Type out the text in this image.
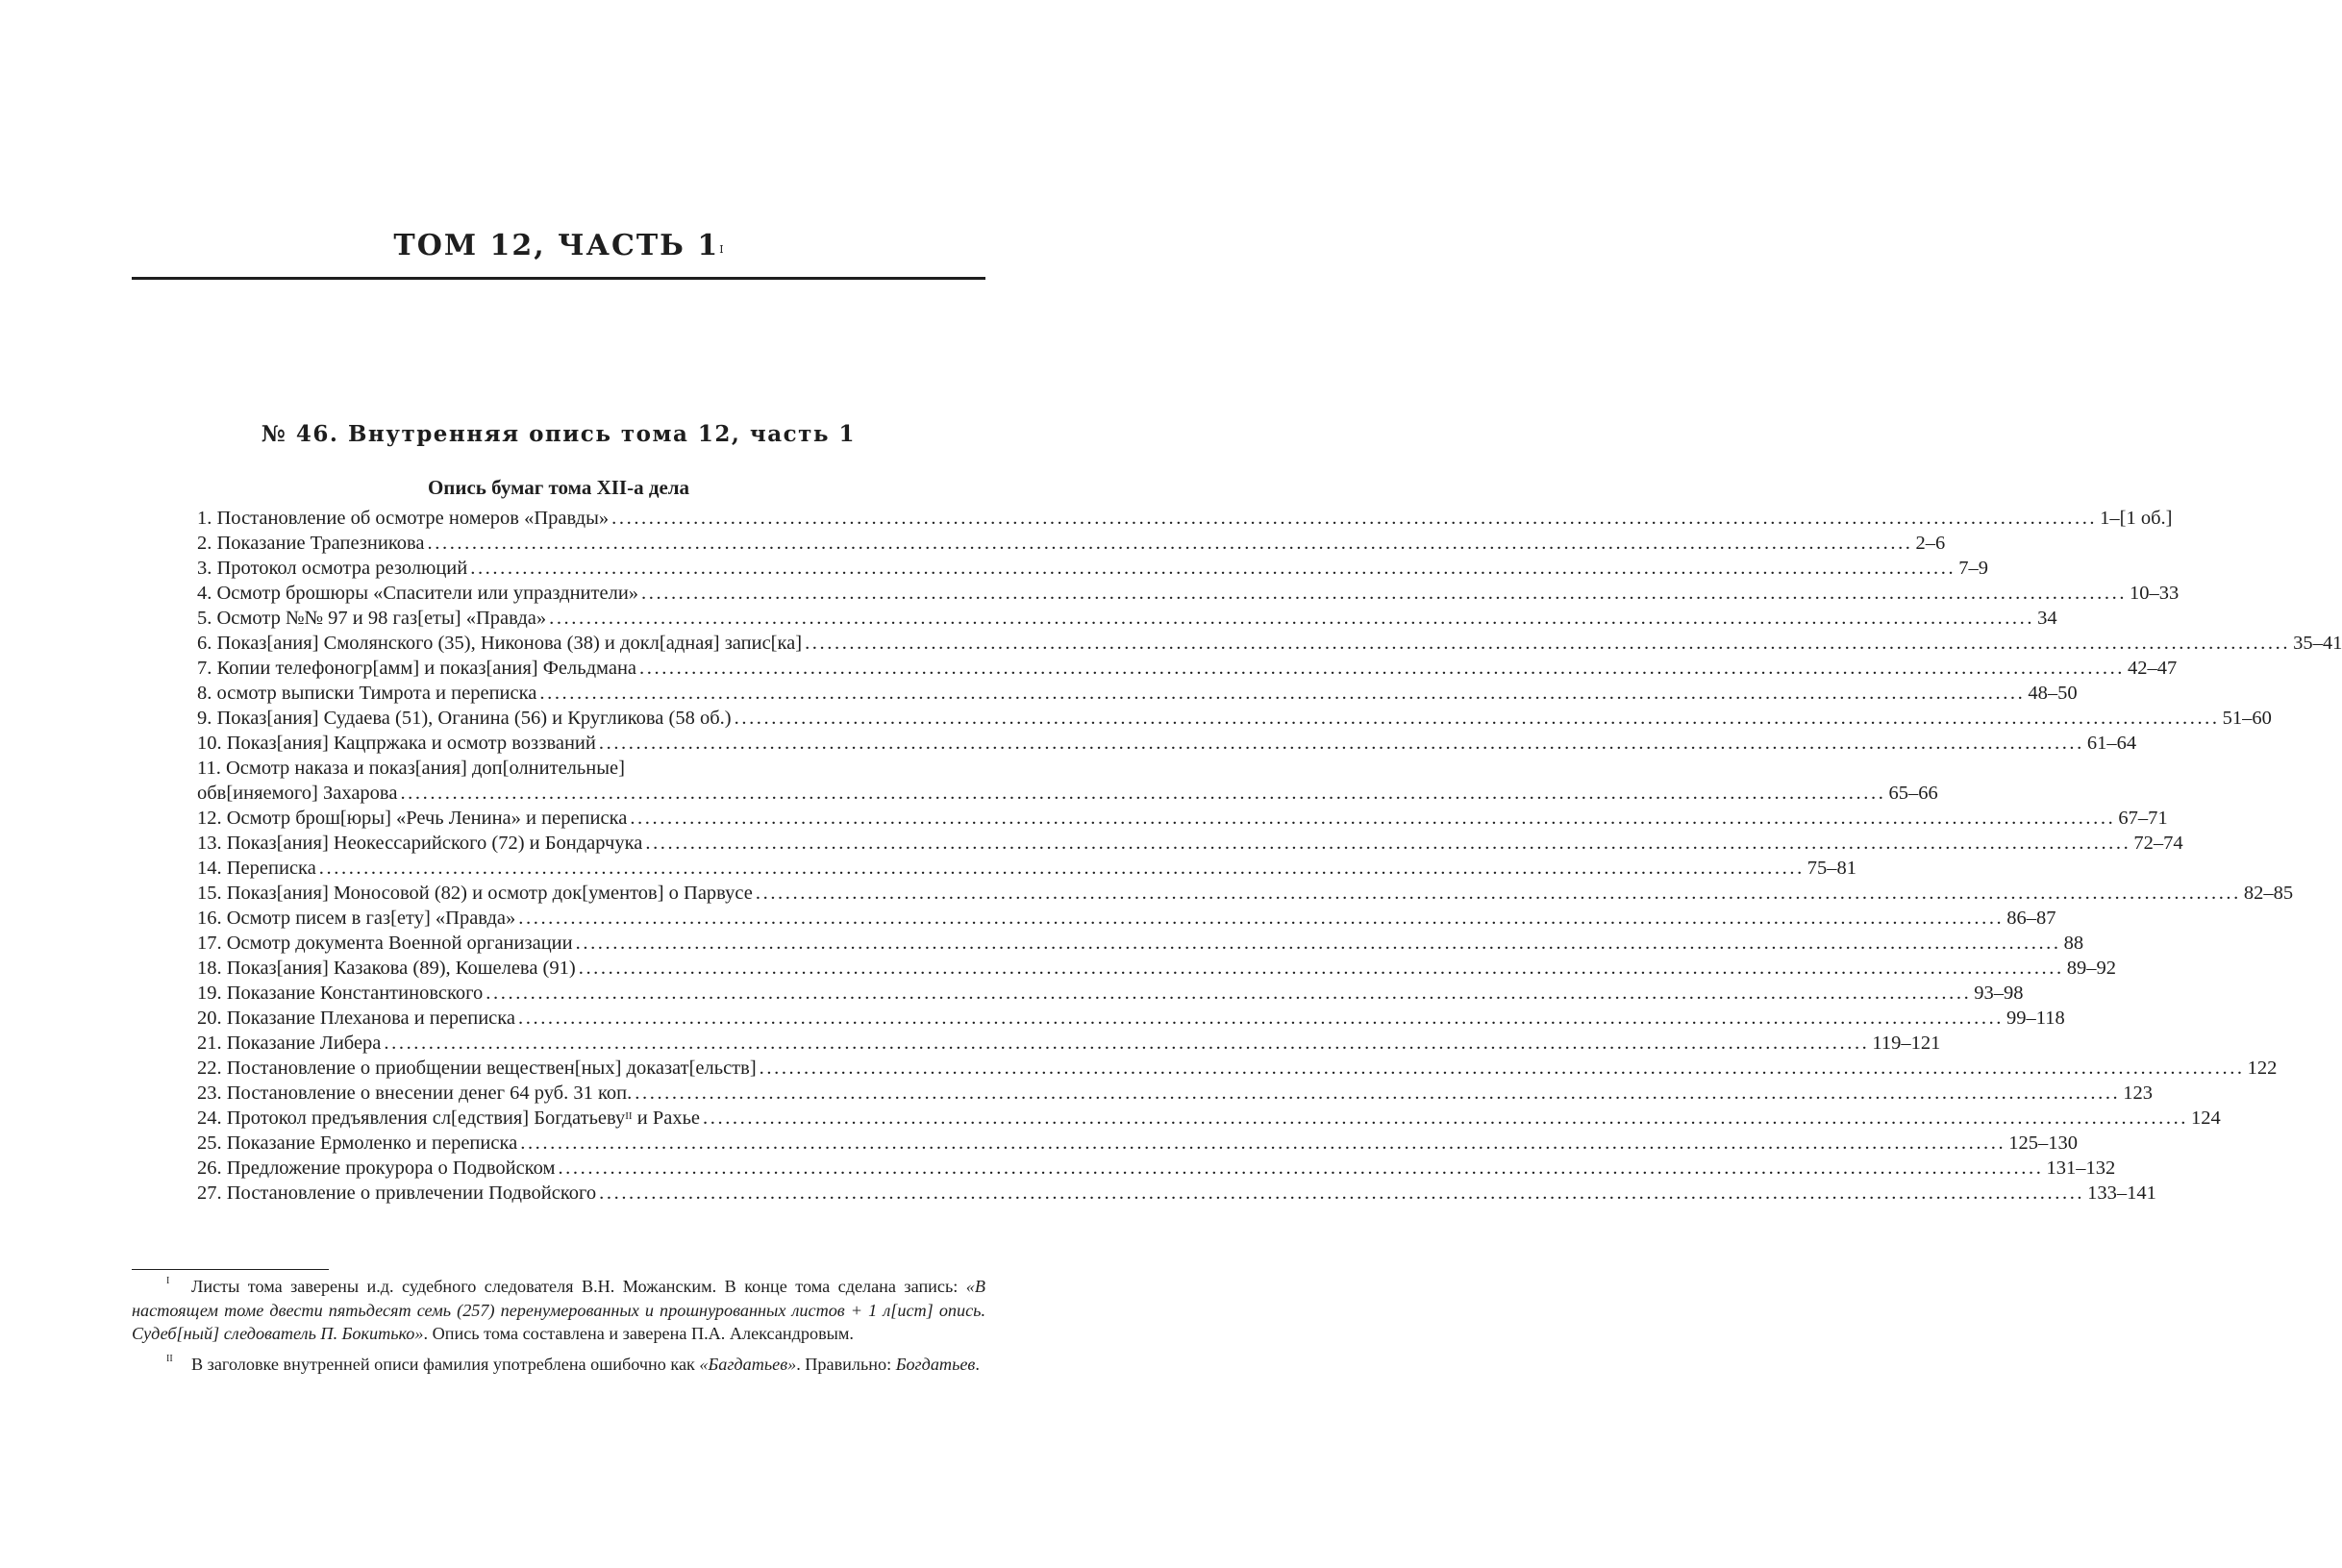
ТОМ 12, ЧАСТЬ $1^I$
№ 46. Внутренняя опись тома 12, часть 1
Опись бумаг тома XII-а дела
1. Постановление об осмотре номеров «Правды» ........................................................................................................................................................................................................ 1–[1 об.]
2. Показание Трапезникова ........................................................................................................................................................................................................ 2–6
3. Протокол осмотра резолюций ........................................................................................................................................................................................................ 7–9
4. Осмотр брошюры «Спасители или упразднители» ........................................................................................................................................................................................................ 10–33
5. Осмотр №№ 97 и 98 газ[еты] «Правда» ........................................................................................................................................................................................................ 34
6. Показ[ания] Смолянского (35), Никонова (38) и докл[адная] запис[ка] ........................................................................................................................................................................................................ 35–41
7. Копии телефоногр[амм] и показ[ания] Фельдмана ........................................................................................................................................................................................................ 42–47
8. осмотр выписки Тимрота и переписка ........................................................................................................................................................................................................ 48–50
9. Показ[ания] Судаева (51), Оганина (56) и Кругликова (58 об.) ........................................................................................................................................................................................................ 51–60
10. Показ[ания] Кацпржака и осмотр воззваний ........................................................................................................................................................................................................ 61–64
11. Осмотр наказа и показ[ания] доп[олнительные]
обв[иняемого] Захарова ........................................................................................................................................................................................................ 65–66
12. Осмотр брош[юры] «Речь Ленина» и переписка ........................................................................................................................................................................................................ 67–71
13. Показ[ания] Неокессарийского (72) и Бондарчука ........................................................................................................................................................................................................ 72–74
14. Переписка ........................................................................................................................................................................................................ 75–81
15. Показ[ания] Моносовой (82) и осмотр док[ументов] о Парвусе ........................................................................................................................................................................................................ 82–85
16. Осмотр писем в газ[ету] «Правда» ........................................................................................................................................................................................................ 86–87
17. Осмотр документа Военной организации ........................................................................................................................................................................................................ 88
18. Показ[ания] Казакова (89), Кошелева (91) ........................................................................................................................................................................................................ 89–92
19. Показание Константиновского ........................................................................................................................................................................................................ 93–98
20. Показание Плеханова и переписка ........................................................................................................................................................................................................ 99–118
21. Показание Либера ........................................................................................................................................................................................................ 119–121
22. Постановление о приобщении веществен[ных] доказат[ельств] ........................................................................................................................................................................................................ 122
23. Постановление о внесении денег 64 руб. 31 коп. ........................................................................................................................................................................................................ 123
24. Протокол предъявления сл[едствия] Богдатьеву$^{II}$ и Рахье ........................................................................................................................................................................................................ 124
25. Показание Ермоленко и переписка ........................................................................................................................................................................................................ 125–130
26. Предложение прокурора о Подвойском ........................................................................................................................................................................................................ 131–132
27. Постановление о привлечении Подвойского ........................................................................................................................................................................................................ 133–141

I Листы тома заверены и.д. судебного следователя В.Н. Можанским. В конце тома сделана запись: «В настоящем томе двести пятьдесят семь (257) перенумерованных и прошнурованных листов + 1 л[ист] опись. Судеб[ный] следователь П. Бокитько». Опись тома составлена и заверена П.А. Александровым.

II В заголовке внутренней описи фамилия употреблена ошибочно как «Багдатьев». Правильно: Богдатьев.
